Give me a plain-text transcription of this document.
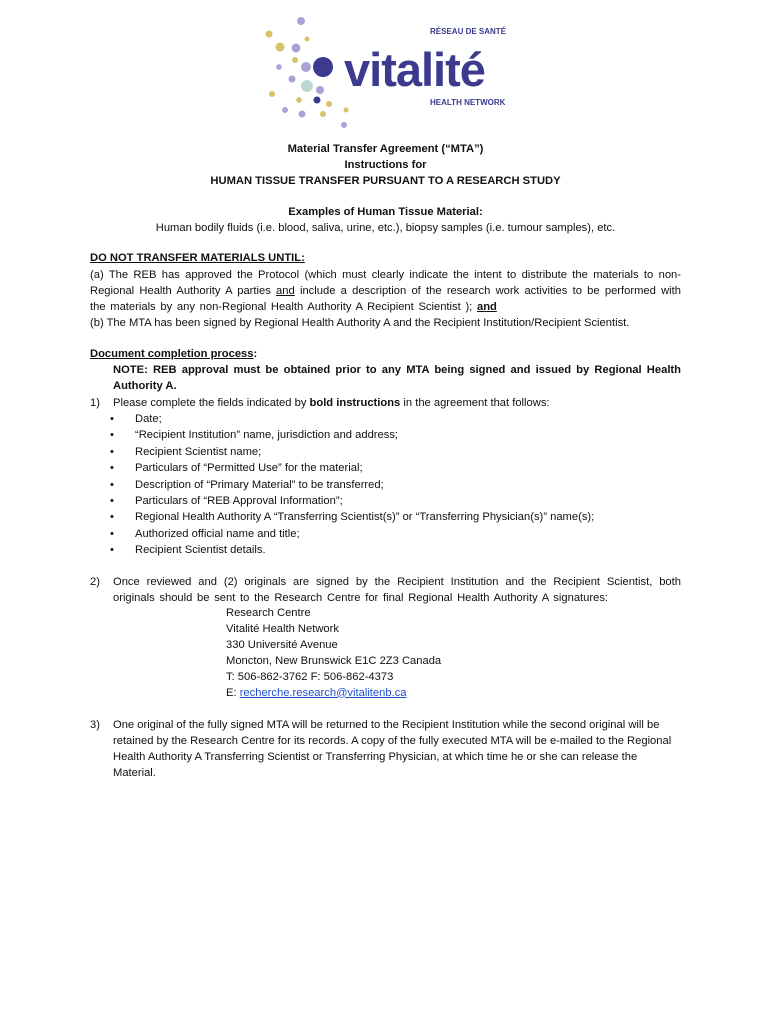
RÉSEAU DE SANTÉ
vitalité
HEALTH NETWORK
Material Transfer Agreement (“MTA”)
Instructions for
HUMAN TISSUE TRANSFER PURSUANT TO A RESEARCH STUDY
Examples of Human Tissue Material:
Human bodily fluids (i.e. blood, saliva, urine, etc.), biopsy samples (i.e. tumour samples), etc.
DO NOT TRANSFER MATERIALS UNTIL:
(a) The REB has approved the Protocol (which must clearly indicate the intent to distribute the materials to non-Regional Health Authority A parties and include a description of the research work activities to be performed with the materials by any non-Regional Health Authority A Recipient Scientist ); and
(b) The MTA has been signed by Regional Health Authority A and the Recipient Institution/Recipient Scientist.
Document completion process:
NOTE: REB approval must be obtained prior to any MTA being signed and issued by Regional Health Authority A.
1) Please complete the fields indicated by bold instructions in the agreement that follows:
• Date;
• “Recipient Institution” name, jurisdiction and address;
• Recipient Scientist name;
• Particulars of “Permitted Use” for the material;
• Description of “Primary Material” to be transferred;
• Particulars of “REB Approval Information”;
• Regional Health Authority A “Transferring Scientist(s)” or “Transferring Physician(s)” name(s);
• Authorized official name and title;
• Recipient Scientist details.
2) Once reviewed and (2) originals are signed by the Recipient Institution and the Recipient Scientist, both originals should be sent to the Research Centre for final Regional Health Authority A signatures:
Research Centre
Vitalité Health Network
330 Université Avenue
Moncton, New Brunswick E1C 2Z3 Canada
T: 506-862-3762 F: 506-862-4373
E: recherche.research@vitalitenb.ca
3) One original of the fully signed MTA will be returned to the Recipient Institution while the second original will be retained by the Research Centre for its records. A copy of the fully executed MTA will be e-mailed to the Regional Health Authority A Transferring Scientist or Transferring Physician, at which time he or she can release the Material.
